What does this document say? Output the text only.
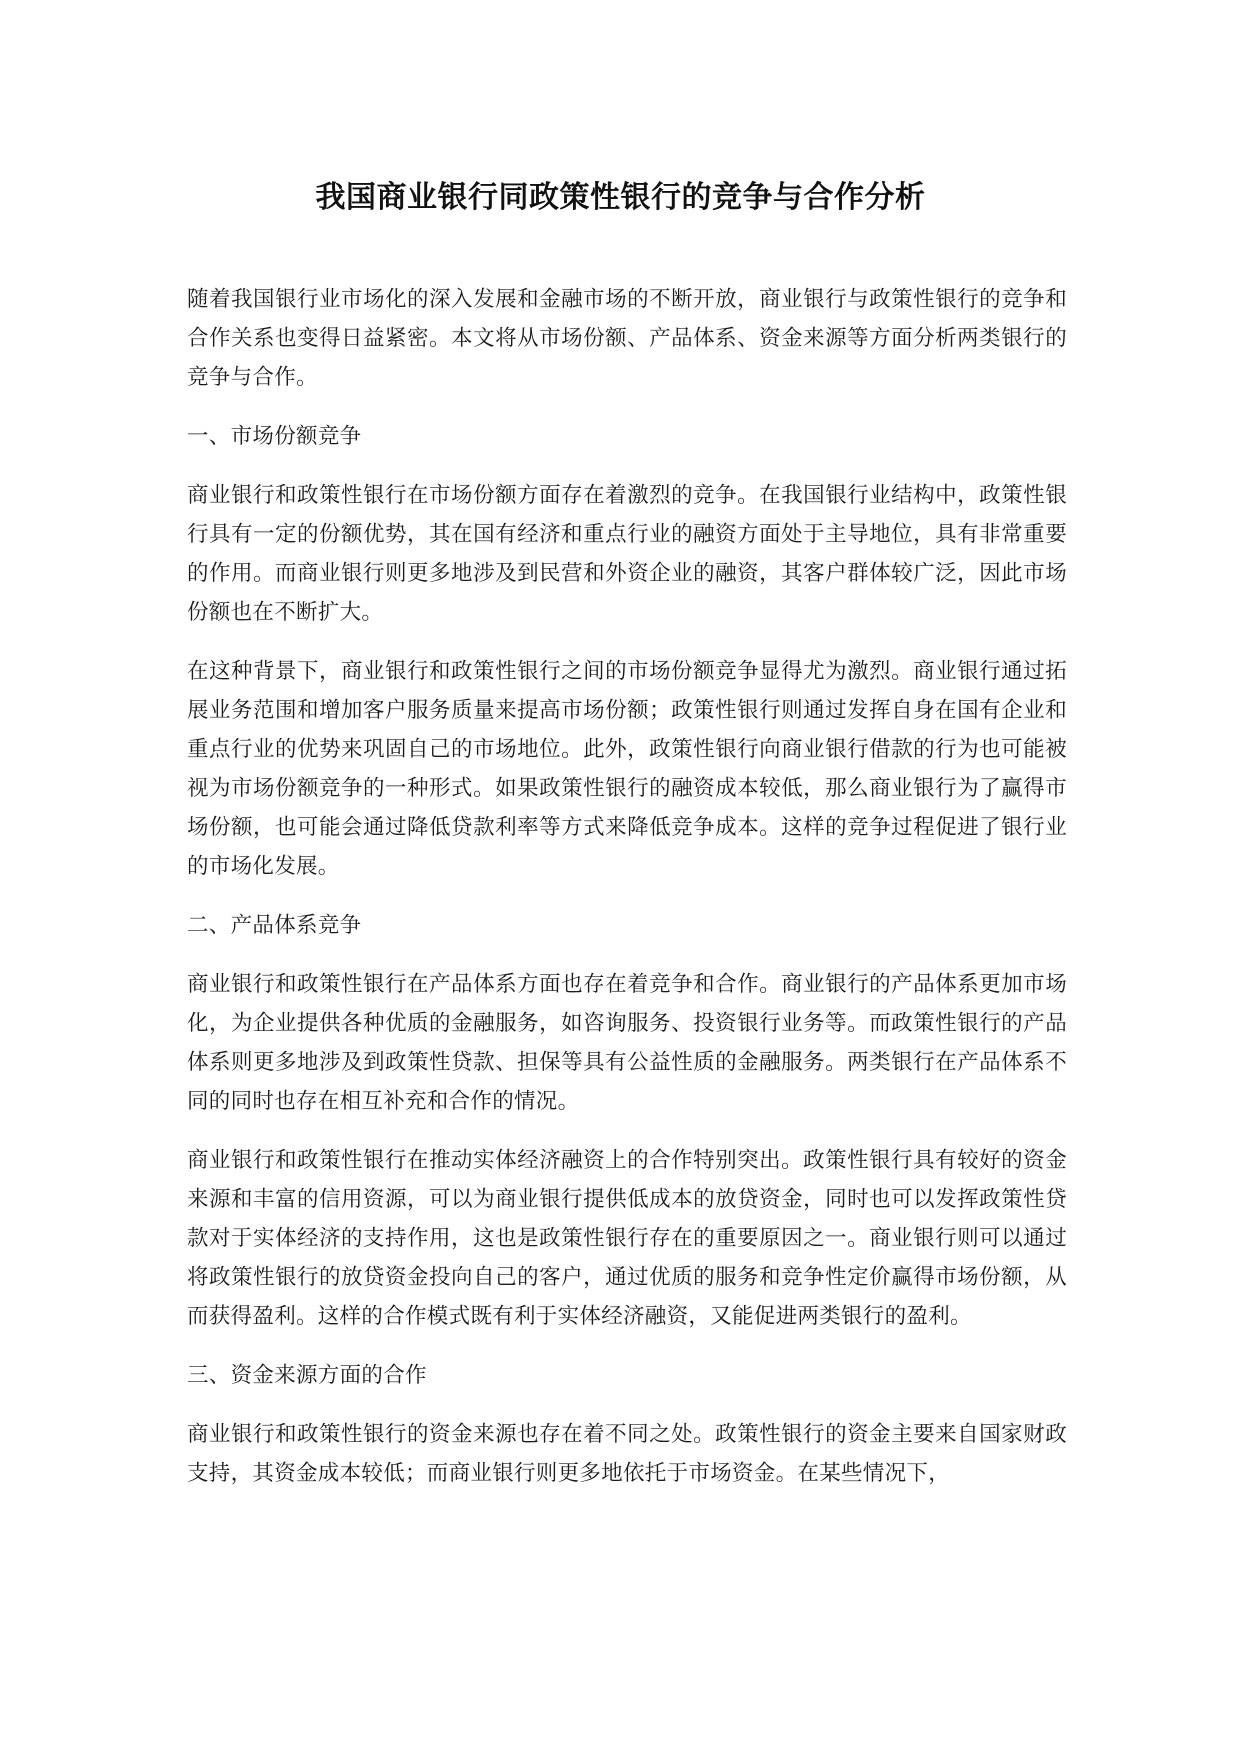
我国商业银行同政策性银行的竞争与合作分析

随着我国银行业市场化的深入发展和金融市场的不断开放，商业银行与政策性银行的竞争和合作关系也变得日益紧密。本文将从市场份额、产品体系、资金来源等方面分析两类银行的竞争与合作。

一、市场份额竞争

商业银行和政策性银行在市场份额方面存在着激烈的竞争。在我国银行业结构中，政策性银行具有一定的份额优势，其在国有经济和重点行业的融资方面处于主导地位，具有非常重要的作用。而商业银行则更多地涉及到民营和外资企业的融资，其客户群体较广泛，因此市场份额也在不断扩大。

在这种背景下，商业银行和政策性银行之间的市场份额竞争显得尤为激烈。商业银行通过拓展业务范围和增加客户服务质量来提高市场份额；政策性银行则通过发挥自身在国有企业和重点行业的优势来巩固自己的市场地位。此外，政策性银行向商业银行借款的行为也可能被视为市场份额竞争的一种形式。如果政策性银行的融资成本较低，那么商业银行为了赢得市场份额，也可能会通过降低贷款利率等方式来降低竞争成本。这样的竞争过程促进了银行业的市场化发展。

二、产品体系竞争

商业银行和政策性银行在产品体系方面也存在着竞争和合作。商业银行的产品体系更加市场化，为企业提供各种优质的金融服务，如咨询服务、投资银行业务等。而政策性银行的产品体系则更多地涉及到政策性贷款、担保等具有公益性质的金融服务。两类银行在产品体系不同的同时也存在相互补充和合作的情况。

商业银行和政策性银行在推动实体经济融资上的合作特别突出。政策性银行具有较好的资金来源和丰富的信用资源，可以为商业银行提供低成本的放贷资金，同时也可以发挥政策性贷款对于实体经济的支持作用，这也是政策性银行存在的重要原因之一。商业银行则可以通过将政策性银行的放贷资金投向自己的客户，通过优质的服务和竞争性定价赢得市场份额，从而获得盈利。这样的合作模式既有利于实体经济融资，又能促进两类银行的盈利。

三、资金来源方面的合作

商业银行和政策性银行的资金来源也存在着不同之处。政策性银行的资金主要来自国家财政支持，其资金成本较低；而商业银行则更多地依托于市场资金。在某些情况下，
